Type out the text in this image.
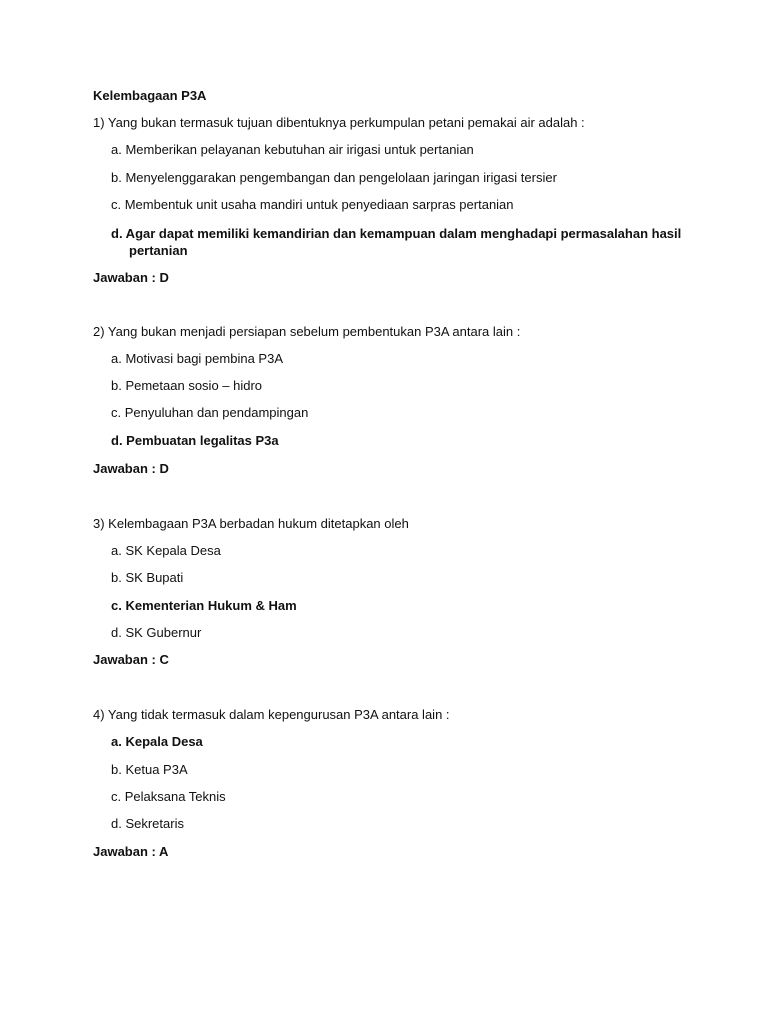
Kelembagaan P3A
1) Yang bukan termasuk tujuan dibentuknya perkumpulan petani pemakai air adalah :
a. Memberikan pelayanan kebutuhan air irigasi untuk pertanian
b. Menyelenggarakan pengembangan dan pengelolaan jaringan irigasi tersier
c. Membentuk unit usaha mandiri untuk penyediaan sarpras pertanian
d. Agar dapat memiliki kemandirian dan kemampuan dalam menghadapi permasalahan hasil
pertanian
Jawaban : D
2) Yang bukan menjadi persiapan sebelum pembentukan P3A antara lain :
a. Motivasi bagi pembina P3A
b. Pemetaan sosio – hidro
c. Penyuluhan dan pendampingan
d. Pembuatan legalitas P3a
Jawaban : D
3) Kelembagaan P3A berbadan hukum ditetapkan oleh
a. SK Kepala Desa
b. SK Bupati
c. Kementerian Hukum & Ham
d. SK Gubernur
Jawaban : C
4) Yang tidak termasuk dalam kepengurusan P3A antara lain :
a. Kepala Desa
b. Ketua P3A
c. Pelaksana Teknis
d. Sekretaris
Jawaban : A
